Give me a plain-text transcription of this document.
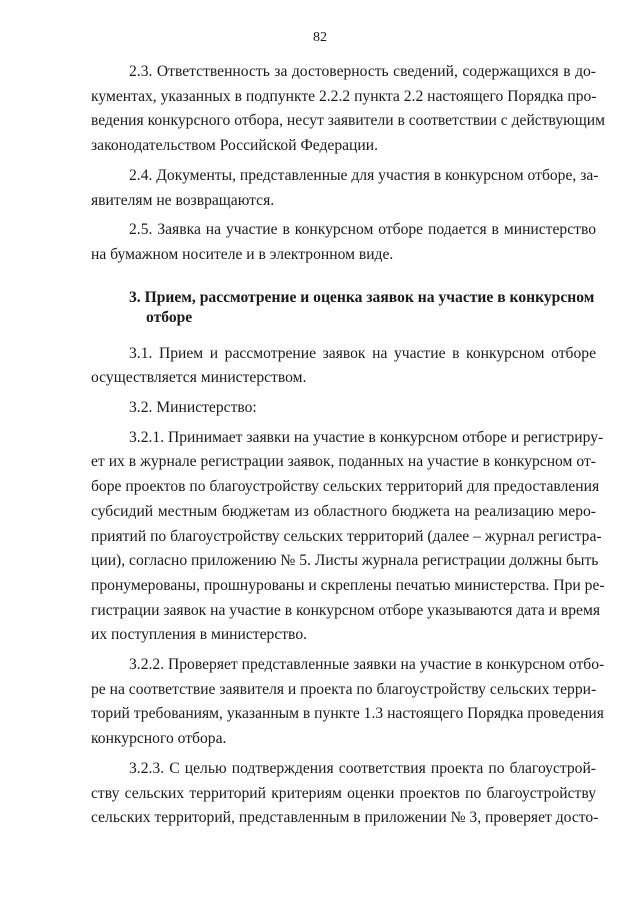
82

2.3. Ответственность за достоверность сведений, содержащихся в до-
кументах, указанных в подпункте 2.2.2 пункта 2.2 настоящего Порядка про-
ведения конкурсного отбора, несут заявители в соответствии с действующим
законодательством Российской Федерации.

2.4. Документы, представленные для участия в конкурсном отборе, за-
явителям не возвращаются.

2.5. Заявка на участие в конкурсном отборе подается в министерство
на бумажном носителе и в электронном виде.

3. Прием, рассмотрение и оценка заявок на участие в конкурсном
отборе

3.1. Прием и рассмотрение заявок на участие в конкурсном отборе
осуществляется министерством.

3.2. Министерство:

3.2.1. Принимает заявки на участие в конкурсном отборе и регистриру-
ет их в журнале регистрации заявок, поданных на участие в конкурсном от-
боре проектов по благоустройству сельских территорий для предоставления
субсидий местным бюджетам из областного бюджета на реализацию меро-
приятий по благоустройству сельских территорий (далее – журнал регистра-
ции), согласно приложению № 5. Листы журнала регистрации должны быть
пронумерованы, прошнурованы и скреплены печатью министерства. При ре-
гистрации заявок на участие в конкурсном отборе указываются дата и время
их поступления в министерство.

3.2.2. Проверяет представленные заявки на участие в конкурсном отбо-
ре на соответствие заявителя и проекта по благоустройству сельских терри-
торий требованиям, указанным в пункте 1.3 настоящего Порядка проведения
конкурсного отбора.

3.2.3. С целью подтверждения соответствия проекта по благоустрой-
ству сельских территорий критериям оценки проектов по благоустройству
сельских территорий, представленным в приложении № 3, проверяет досто-
